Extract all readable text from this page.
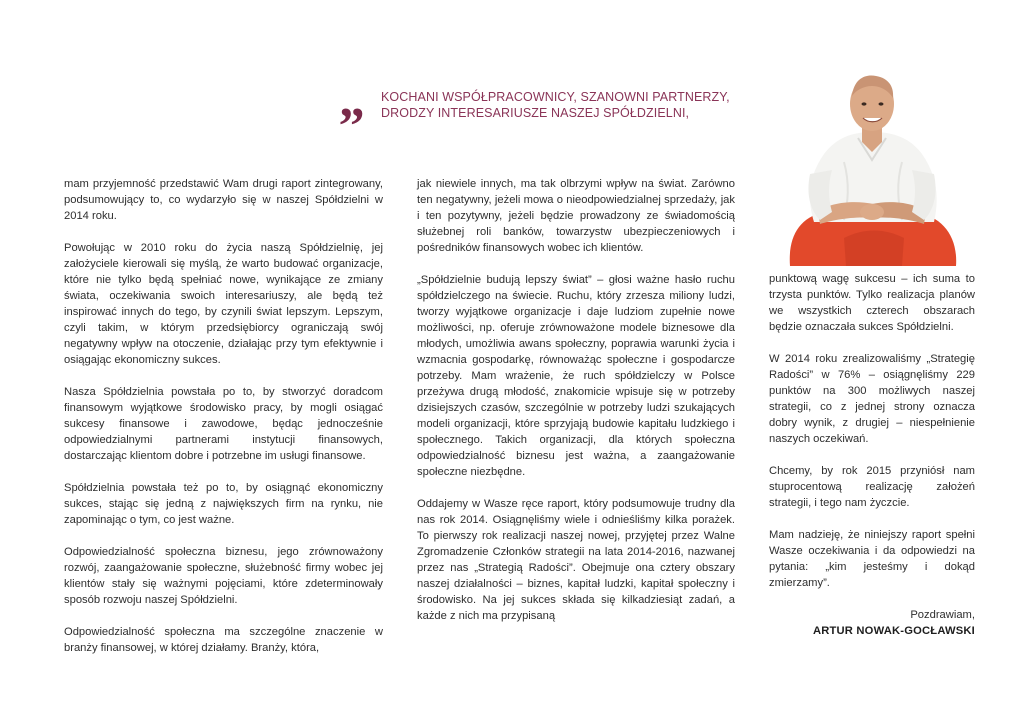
„ KOCHANI WSPÓŁPRACOWNICY, SZANOWNI PARTNERZY,
DRODZY INTERESARIUSZE NASZEJ SPÓŁDZIELNI,

mam przyjemność przedstawić Wam drugi raport zintegrowany, podsumowujący to, co wydarzyło się w naszej Spółdzielni w 2014 roku.

Powołując w 2010 roku do życia naszą Spółdzielnię, jej założyciele kierowali się myślą, że warto budować organizacje, które nie tylko będą spełniać nowe, wynikające ze zmiany świata, oczekiwania swoich interesariuszy, ale będą też inspirować innych do tego, by czynili świat lepszym. Lepszym, czyli takim, w którym przedsiębiorcy ograniczają swój negatywny wpływ na otoczenie, działając przy tym efektywnie i osiągając ekonomiczny sukces.

Nasza Spółdzielnia powstała po to, by stworzyć doradcom finansowym wyjątkowe środowisko pracy, by mogli osiągać sukcesy finansowe i zawodowe, będąc jednocześnie odpowiedzialnymi partnerami instytucji finansowych, dostarczając klientom dobre i potrzebne im usługi finansowe.

Spółdzielnia powstała też po to, by osiągnąć ekonomiczny sukces, stając się jedną z największych firm na rynku, nie zapominając o tym, co jest ważne.

Odpowiedzialność społeczna biznesu, jego zrównoważony rozwój, zaangażowanie społeczne, służebność firmy wobec jej klientów stały się ważnymi pojęciami, które zdeterminowały sposób rozwoju naszej Spółdzielni.

Odpowiedzialność społeczna ma szczególne znaczenie w branży finansowej, w której działamy. Branży, która,

jak niewiele innych, ma tak olbrzymi wpływ na świat. Zarówno ten negatywny, jeżeli mowa o nieodpowiedzialnej sprzedaży, jak i ten pozytywny, jeżeli będzie prowadzony ze świadomością służebnej roli banków, towarzystw ubezpieczeniowych i pośredników finansowych wobec ich klientów.

„Spółdzielnie budują lepszy świat” – głosi ważne hasło ruchu spółdzielczego na świecie. Ruchu, który zrzesza miliony ludzi, tworzy wyjątkowe organizacje i daje ludziom zupełnie nowe możliwości, np. oferuje zrównoważone modele biznesowe dla młodych, umożliwia awans społeczny, poprawia warunki życia i wzmacnia gospodarkę, równoważąc społeczne i gospodarcze potrzeby. Mam wrażenie, że ruch spółdzielczy w Polsce przeżywa drugą młodość, znakomicie wpisuje się w potrzeby dzisiejszych czasów, szczególnie w potrzeby ludzi szukających modeli organizacji, które sprzyjają budowie kapitału ludzkiego i społecznego. Takich organizacji, dla których społeczna odpowiedzialność biznesu jest ważna, a zaangażowanie społeczne niezbędne.

Oddajemy w Wasze ręce raport, który podsumowuje trudny dla nas rok 2014. Osiągnęliśmy wiele i odnieśliśmy kilka porażek. To pierwszy rok realizacji naszej nowej, przyjętej przez Walne Zgromadzenie Członków strategii na lata 2014-2016, nazwanej przez nas „Strategią Radości”. Obejmuje ona cztery obszary naszej działalności – biznes, kapitał ludzki, kapitał społeczny i środowisko. Na jej sukces składa się kilkadziesiąt zadań, a każde z nich ma przypisaną

punktową wagę sukcesu – ich suma to trzysta punktów. Tylko realizacja planów we wszystkich czterech obszarach będzie oznaczała sukces Spółdzielni.

W 2014 roku zrealizowaliśmy „Strategię Radości” w 76% – osiągnęliśmy 229 punktów na 300 możliwych naszej strategii, co z jednej strony oznacza dobry wynik, z drugiej – niespełnienie naszych oczekiwań.

Chcemy, by rok 2015 przyniósł nam stuprocentową realizację założeń strategii, i tego nam życzcie.

Mam nadzieję, że niniejszy raport spełni Wasze oczekiwania i da odpowiedzi na pytania: „kim jesteśmy i dokąd zmierzamy”.

Pozdrawiam,
ARTUR NOWAK-GOCŁAWSKI
